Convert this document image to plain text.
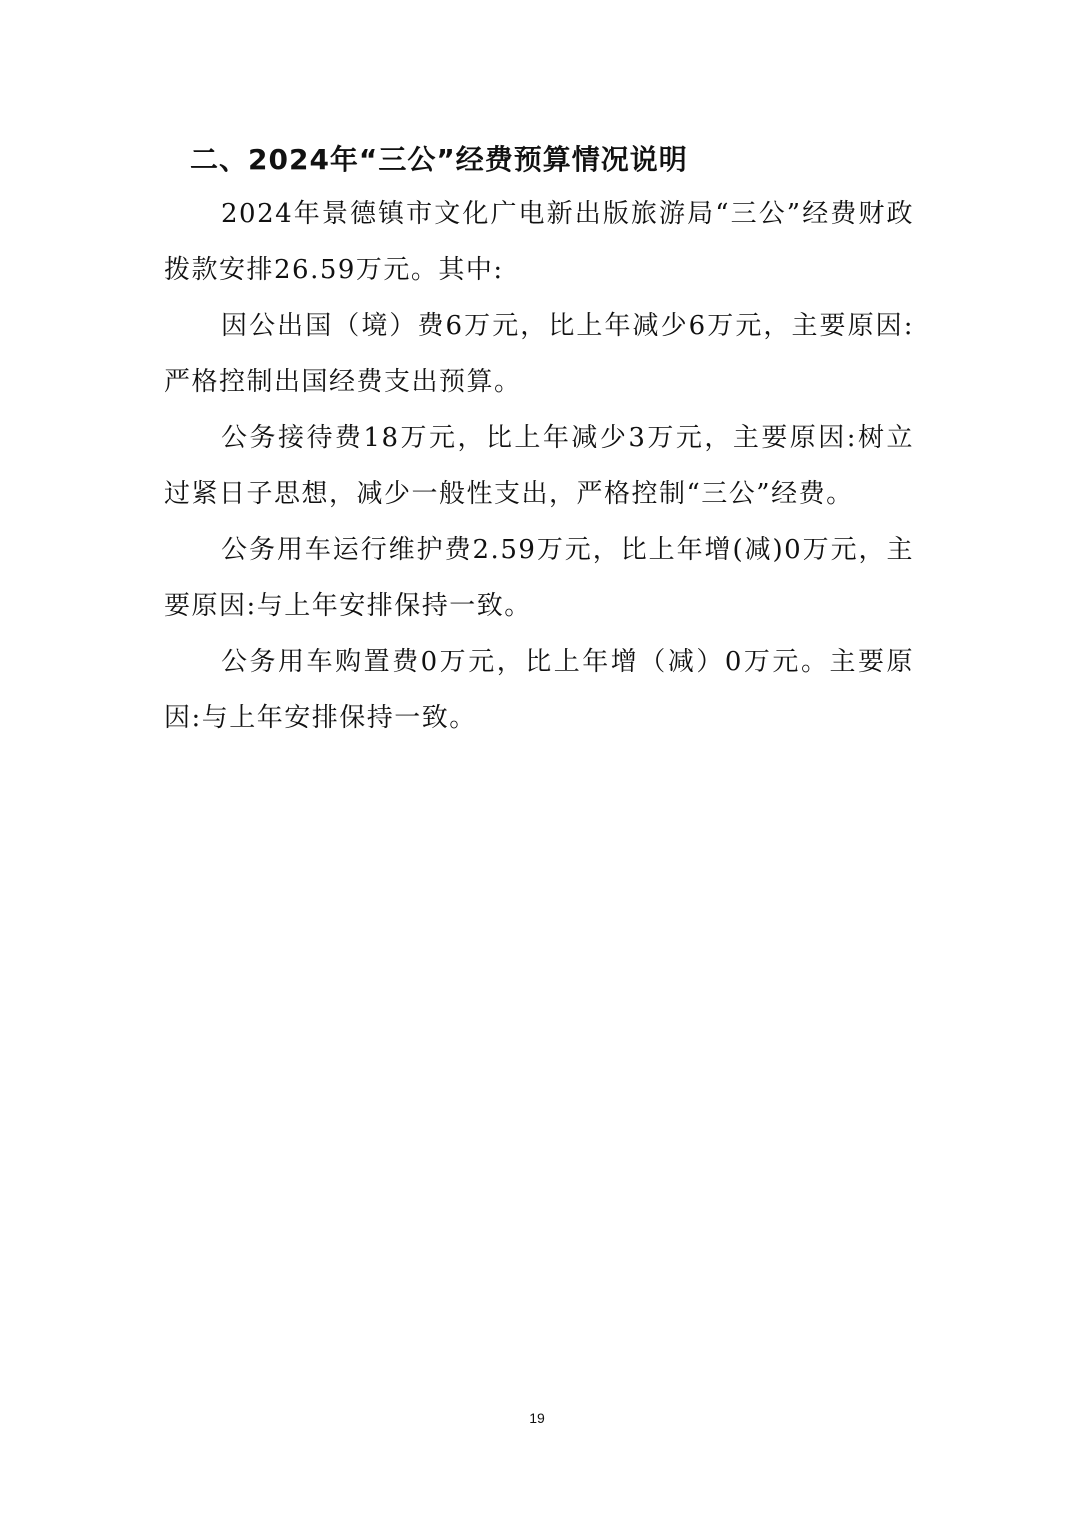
二、2024年“三公”经费预算情况说明

2024年景德镇市文化广电新出版旅游局“三公”经费财政拨款安排26.59万元。其中:

因公出国（境）费6万元，比上年减少6万元，主要原因:严格控制出国经费支出预算。

公务接待费18万元，比上年减少3万元，主要原因:树立过紧日子思想，减少一般性支出，严格控制“三公”经费。

公务用车运行维护费2.59万元，比上年增(减)0万元，主要原因:与上年安排保持一致。

公务用车购置费0万元，比上年增（减）0万元。主要原因:与上年安排保持一致。

19
